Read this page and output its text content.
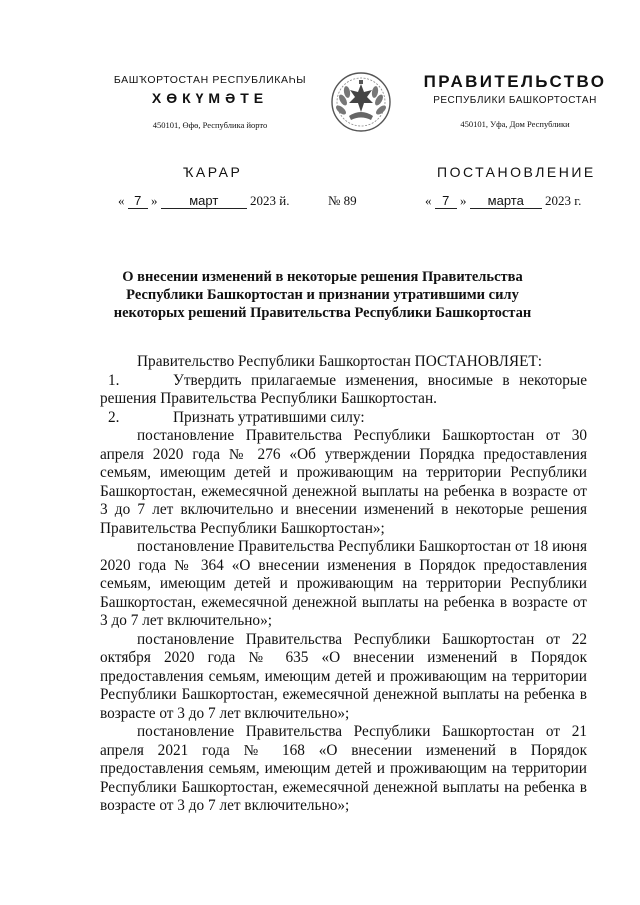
БАШҠОРТОСТАН РЕСПУБЛИКАҺЫ
ХӨКҮМӘТЕ
450101, Өфө, Республика йорто
ПРАВИТЕЛЬСТВО
РЕСПУБЛИКИ БАШКОРТОСТАН
450101, Уфа, Дом Республики
ҠАРАР	ПОСТАНОВЛЕНИЕ
« 7 » март 2023 й.	№ 89	« 7 » марта 2023 г.
О внесении изменений в некоторые решения Правительства Республики Башкортостан и признании утратившими силу некоторых решений Правительства Республики Башкортостан

Правительство Республики Башкортостан ПОСТАНОВЛЯЕТ:

1.	Утвердить прилагаемые изменения, вносимые в некоторые решения Правительства Республики Башкортостан.

2.	Признать утратившими силу:

постановление Правительства Республики Башкортостан от 30 апреля 2020 года № 276 «Об утверждении Порядка предоставления семьям, имеющим детей и проживающим на территории Республики Башкортостан, ежемесячной денежной выплаты на ребенка в возрасте от 3 до 7 лет включительно и внесении изменений в некоторые решения Правительства Республики Башкортостан»;

постановление Правительства Республики Башкортостан от 18 июня 2020 года № 364 «О внесении изменения в Порядок предоставления семьям, имеющим детей и проживающим на территории Республики Башкортостан, ежемесячной денежной выплаты на ребенка в возрасте от 3 до 7 лет включительно»;

постановление Правительства Республики Башкортостан от 22 октября 2020 года № 635 «О внесении изменений в Порядок предоставления семьям, имеющим детей и проживающим на территории Республики Башкортостан, ежемесячной денежной выплаты на ребенка в возрасте от 3 до 7 лет включительно»;

постановление Правительства Республики Башкортостан от 21 апреля 2021 года № 168 «О внесении изменений в Порядок предоставления семьям, имеющим детей и проживающим на территории Республики Башкортостан, ежемесячной денежной выплаты на ребенка в возрасте от 3 до 7 лет включительно»;
